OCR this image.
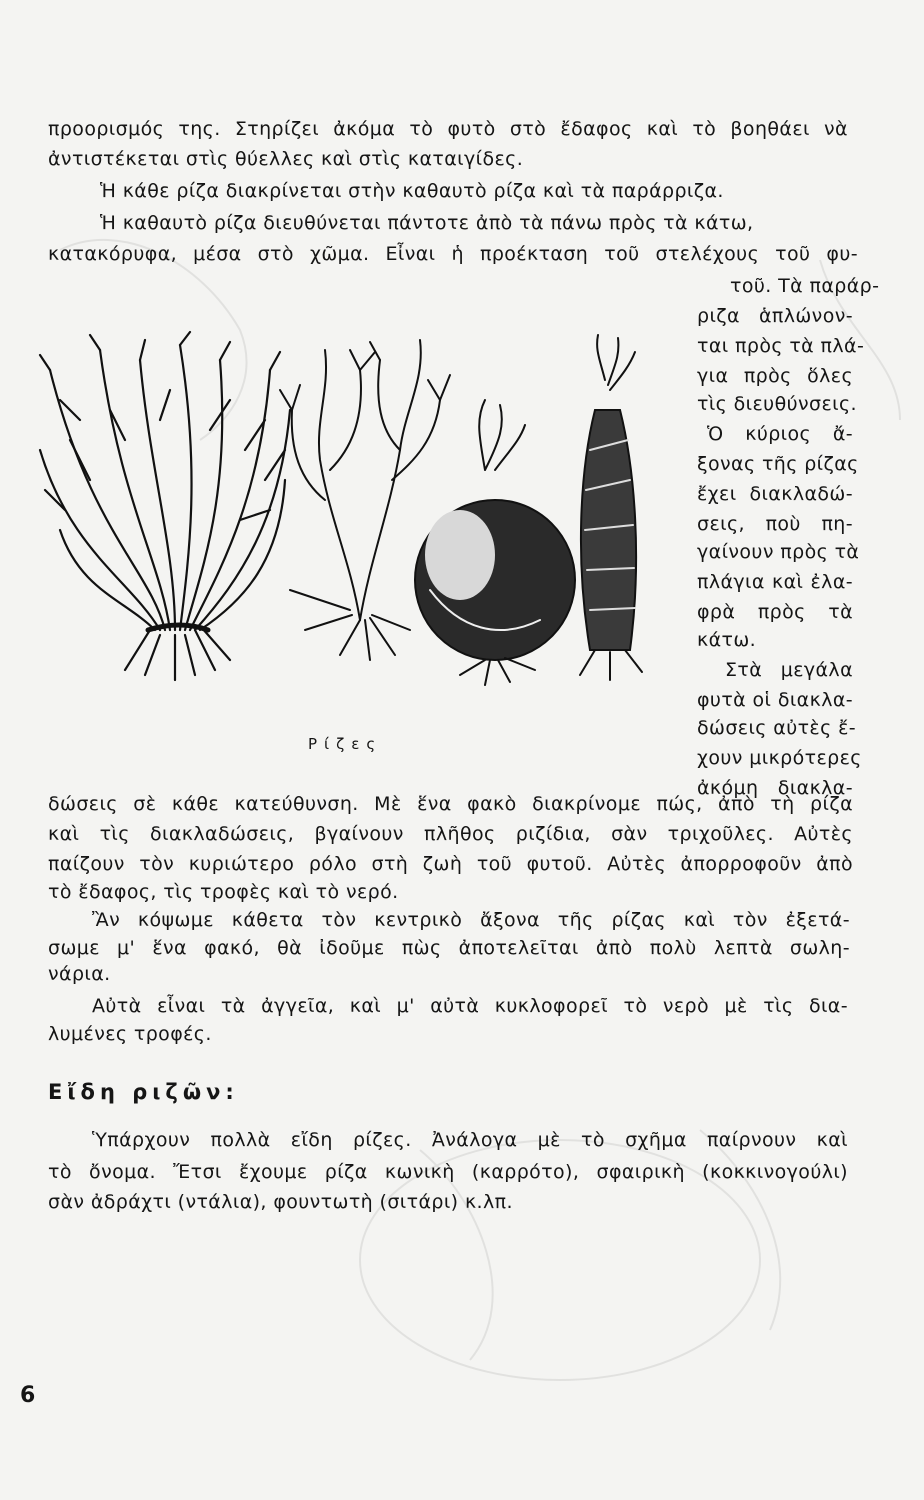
προορισμός της. Στηρίζει ἀκόμα τὸ φυτὸ στὸ ἔδαφος καὶ τὸ βοηθάει νὰ
ἀντιστέκεται στὶς θύελλες καὶ στὶς καταιγίδες.
Ἡ κάθε ρίζα διακρίνεται στὴν καθαυτὸ ρίζα καὶ τὰ παράρριζα.
Ἡ καθαυτὸ ρίζα διευθύνεται πάντοτε ἀπὸ τὰ πάνω πρὸς τὰ κάτω,
κατακόρυφα, μέσα στὸ χῶμα. Εἶναι ἡ προέκταση τοῦ στελέχους τοῦ φυ-
τοῦ. Τὰ παράρ-
ριζα ἁπλώνον-
ται πρὸς τὰ πλά-
για πρὸς ὅλες
τὶς διευθύνσεις.
Ὁ κύριος ἄ-
ξονας τῆς ρίζας
ἔχει διακλαδώ-
σεις, ποὺ πη-
γαίνουν πρὸς τὰ
πλάγια καὶ ἐλα-
φρὰ πρὸς τὰ
κάτω.
Στὰ μεγάλα
φυτὰ οἱ διακλα-
δώσεις αὐτὲς ἔ-
χουν μικρότερες
ἀκόμη διακλα-
Ρίζες
δώσεις σὲ κάθε κατεύθυνση. Μὲ ἕνα φακὸ διακρίνομε πώς, ἀπὸ τὴ ρίζα
καὶ τὶς διακλαδώσεις, βγαίνουν πλῆθος ριζίδια, σὰν τριχοῦλες. Αὐτὲς
παίζουν τὸν κυριώτερο ρόλο στὴ ζωὴ τοῦ φυτοῦ. Αὐτὲς ἀπορροφοῦν ἀπὸ
τὸ ἔδαφος, τὶς τροφὲς καὶ τὸ νερό.
Ἂν κόψωμε κάθετα τὸν κεντρικὸ ἄξονα τῆς ρίζας καὶ τὸν ἐξετά-
σωμε μ' ἕνα φακό, θὰ ἰδοῦμε πὼς ἀποτελεῖται ἀπὸ πολὺ λεπτὰ σωλη-
νάρια.
Αὐτὰ εἶναι τὰ ἀγγεῖα, καὶ μ' αὐτὰ κυκλοφορεῖ τὸ νερὸ μὲ τὶς δια-
λυμένες τροφές.
Εἴδη ριζῶν:
Ὑπάρχουν πολλὰ εἴδη ρίζες. Ἀνάλογα μὲ τὸ σχῆμα παίρνουν καὶ
τὸ ὄνομα. Ἔτσι ἔχουμε ρίζα κωνικὴ (καρρότο), σφαιρικὴ (κοκκινογούλι)
σὰν ἀδράχτι (ντάλια), φουντωτὴ (σιτάρι) κ.λπ.
6
